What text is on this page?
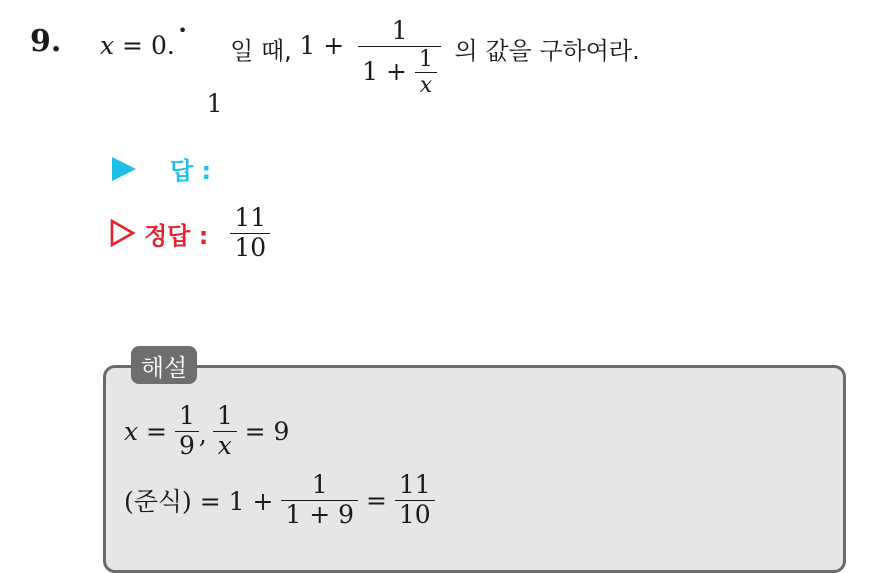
9. x = 0.

•

1

일 때, $1 + \frac{1}{1 + \frac{1}{x}}$ 의 값을 구하여라.
답 :
정답 : $\frac{11}{10}$
해설
$x = \frac{1}{9}$ , $\frac{1}{x} = 9$
(준식) = $1 + \frac{1}{1 + 9} = \frac{11}{10}$
